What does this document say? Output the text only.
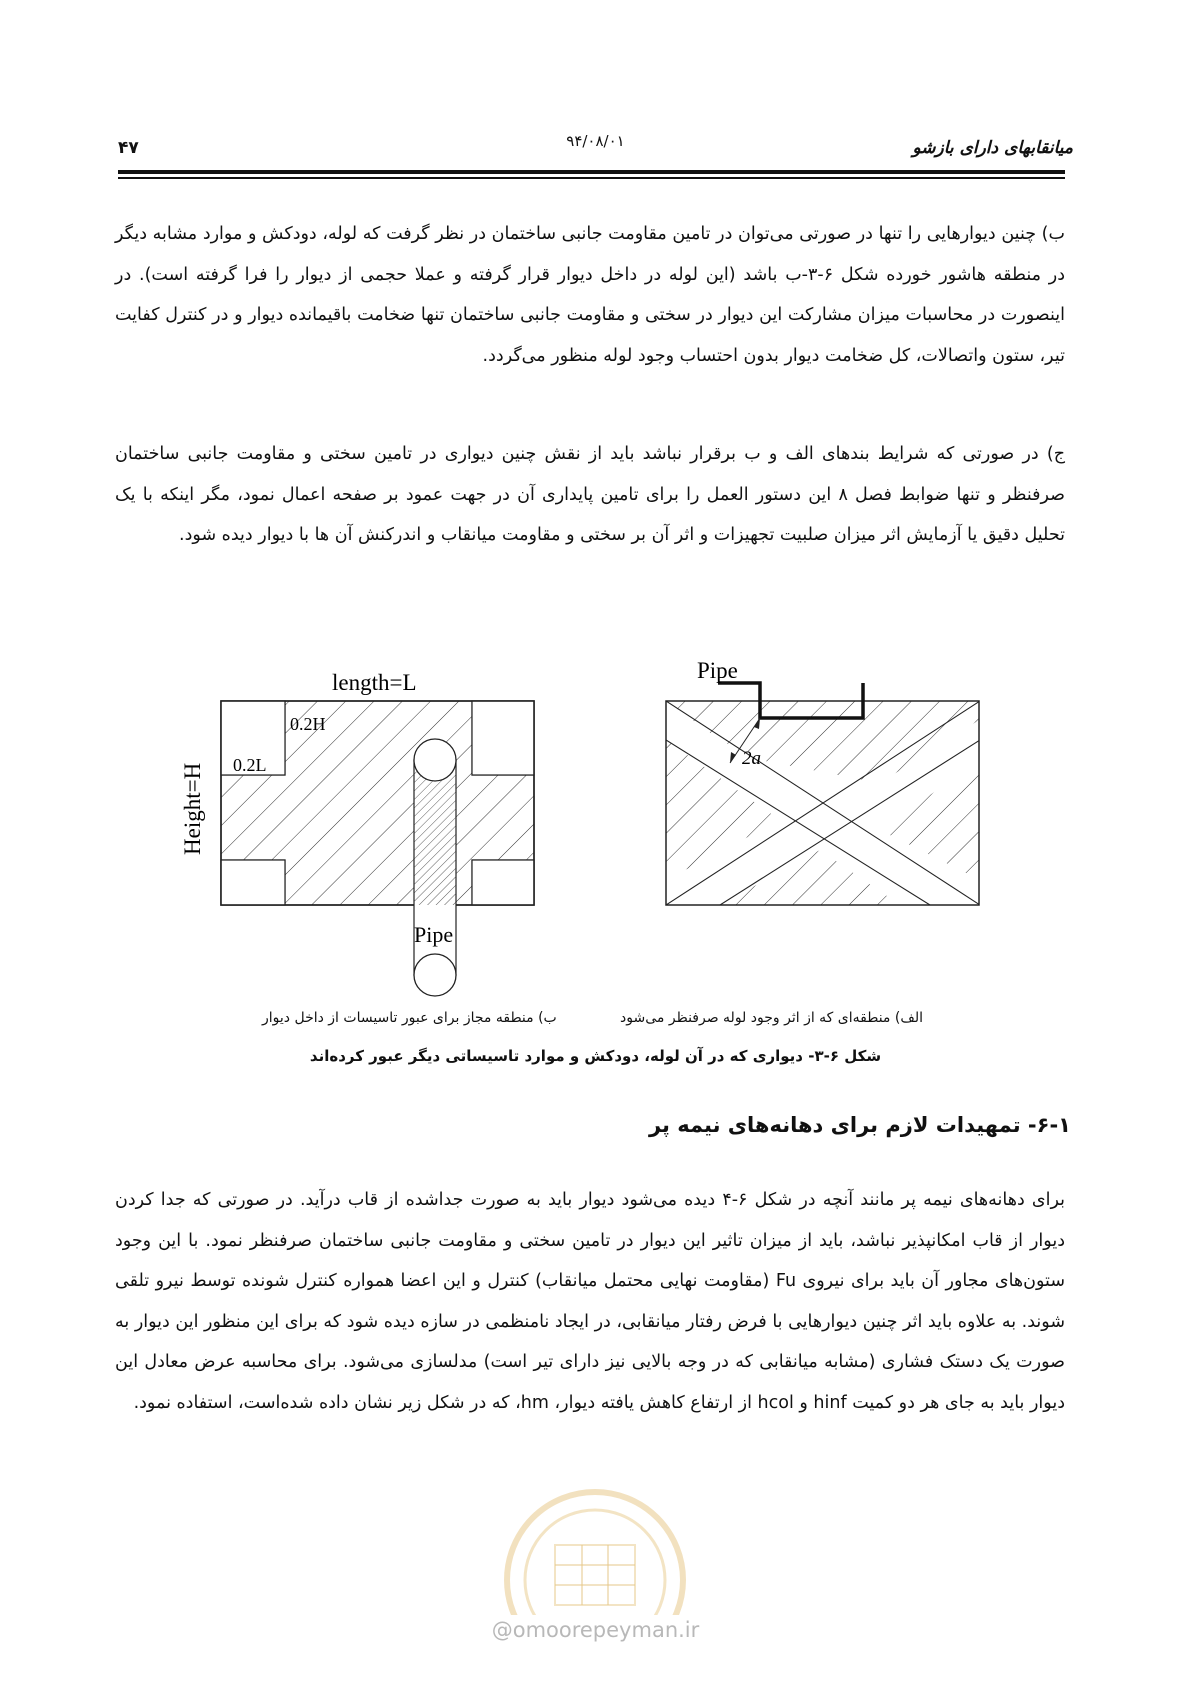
میانقابهای دارای بازشو
۹۴/۰۸/۰۱
۴۷
ب) چنین دیوارهایی را تنها در صورتی می‌توان در تامین مقاومت جانبی ساختمان در نظر گرفت که لوله، دودکش و موارد مشابه دیگر در منطقه هاشور خورده شکل ۶-۳-ب باشد (این لوله در داخل دیوار قرار گرفته و عملا حجمی از دیوار را فرا گرفته است). در اینصورت در محاسبات میزان مشارکت این دیوار در سختی و مقاومت جانبی ساختمان تنها ضخامت باقیمانده دیوار و در کنترل کفایت تیر، ستون واتصالات، کل ضخامت دیوار بدون احتساب وجود لوله منظور می‌گردد.
ج) در صورتی که شرایط بندهای الف و ب برقرار نباشد باید از نقش چنین دیواری در تامین سختی و مقاومت جانبی ساختمان صرفنظر و تنها ضوابط فصل ۸ این دستور العمل را برای تامین پایداری آن در جهت عمود بر صفحه اعمال نمود، مگر اینکه با یک تحلیل دقیق یا آزمایش اثر میزان صلبیت تجهیزات و اثر آن بر سختی و مقاومت میانقاب و اندرکنش آن ها با دیوار دیده شود.
length=L
0.2H
0.2L
Height=H
Pipe
Pipe
2a
الف) منطقه‌ای که از اثر وجود لوله صرفنظر می‌شود
ب) منطقه مجاز برای عبور تاسیسات از داخل دیوار
شکل ۶-۳- دیواری که در آن لوله، دودکش و موارد تاسیساتی دیگر عبور کرده‌اند
۶-۱- تمهیدات لازم برای دهانه‌های نیمه پر
برای دهانه‌های نیمه پر مانند آنچه در شکل ۶-۴ دیده می‌شود دیوار باید به صورت جداشده از قاب درآید. در صورتی که جدا کردن دیوار از قاب امکانپذیر نباشد، باید از میزان تاثیر این دیوار در تامین سختی و مقاومت جانبی ساختمان صرفنظر نمود. با این وجود ستون‌های مجاور آن باید برای نیروی Fu (مقاومت نهایی محتمل میانقاب) کنترل و این اعضا همواره کنترل شونده توسط نیرو تلقی شوند. به علاوه باید اثر چنین دیوارهایی با فرض رفتار میانقابی، در ایجاد نامنظمی در سازه دیده شود که برای این منظور این دیوار به صورت یک دستک فشاری (مشابه میانقابی که در وجه بالایی نیز دارای تیر است) مدلسازی می‌شود. برای محاسبه عرض معادل این دیوار باید به جای هر دو کمیت hinf و hcol از ارتفاع کاهش یافته دیوار، hm، که در شکل زیر نشان داده شده‌است، استفاده نمود.
@omoorepeyman.ir
